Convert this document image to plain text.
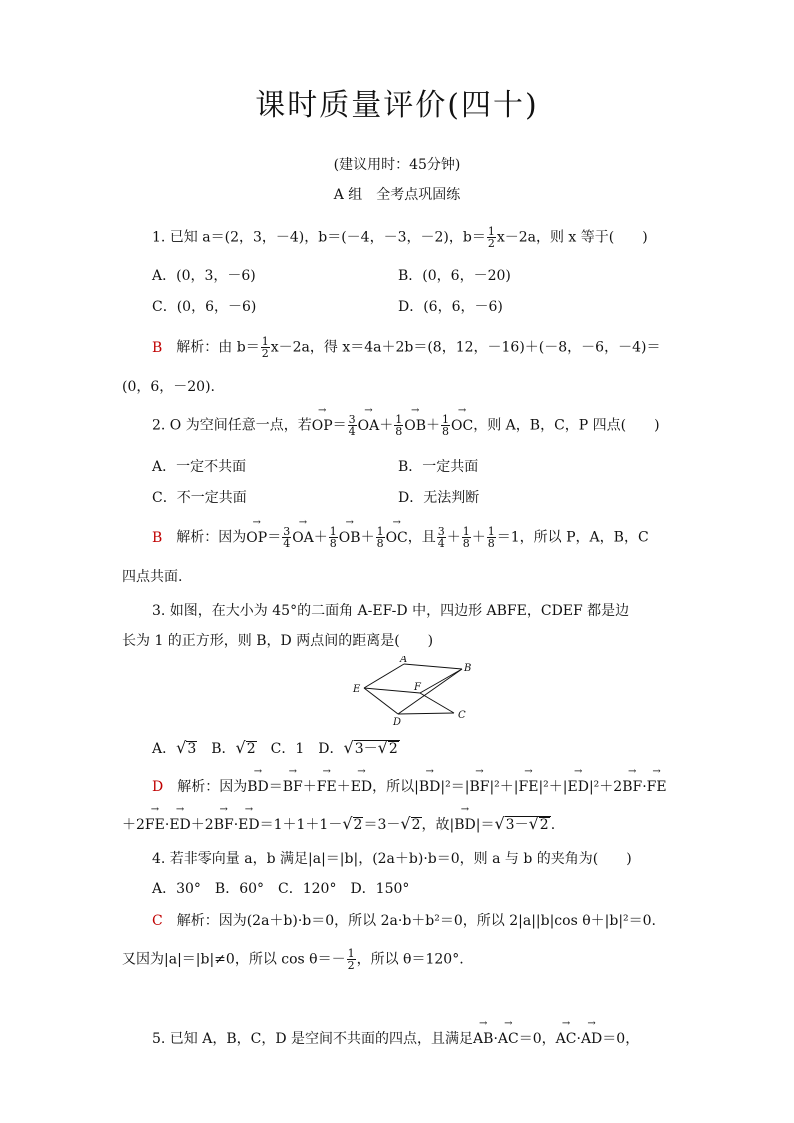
课时质量评价(四十)
(建议用时：45分钟)
A 组　全考点巩固练
1. 已知 a＝(2，3，－4)，b＝(－4，－3，－2)，$b= \frac{1}{2} x-2a$，则 x 等于(　　)
A．(0，3，－6)	B．(0，6，－20)
C．(0，6，－6)	D．(6，6，－6)
B 解析：由 $b= \frac{1}{2} x-2a$，得 x＝4a＋2b＝(8，12，－16)＋(－8，－6，－4)＝
(0，6，－20).
2. O 为空间任意一点，若→ $OP= \frac{3}{4}$
→ $OA+ \frac{1}{8}$
→ $OB+ \frac{1}{8}$
→ OC，则 A，B，C，P 四点(　　)
A．一定不共面	B．一定共面
C．不一定共面	D．无法判断
B 解析：因为→ $OP= \frac{3}{4}$
→ $OA+ \frac{1}{8}$
→ $OB+ \frac{1}{8}$
→ OC，且 $\frac{3}{4} + \frac{1}{8} + \frac{1}{8} =1$，所以 P，A，B，C
四点共面.
3. 如图，在大小为 45°的二面角 A-EF-D 中，四边形 ABFE，CDEF 都是边
长为 1 的正方形，则 B，D 两点间的距离是(　　)
A
B
E	F
D
C
A．√3　 B．√2　 C．1　 D．√3－√2
D 解析：因为→ BD＝→ BF＋→ FE＋→ ED，所以|→ BD|²＝|→ BF|²＋|→ FE|²＋|→ ED|²＋2→ BF·→ FE
＋2→ FE·→ ED＋2→ BF·→ ED＝1＋1＋1－√2＝3－√2，故|→ BD|＝√3－√2 .
4. 若非零向量 a，b 满足|a|＝|b|，(2a＋b)·b＝0，则 a 与 b 的夹角为(　　)
A．30°　B．60°　C．120°　D．150°
C 解析：因为(2a＋b)·b＝0，所以 2a·b＋b²＝0，所以 2|a||b|cos θ＋|b|²＝0.
又因为|a|＝|b|≠0，所以 $\cos \theta=- \frac{1}{2}$ ，所以 θ＝120°.
5. 已知 A，B，C，D 是空间不共面的四点，且满足→ AB·→ AC＝0，→ AC·→ AD＝0，
